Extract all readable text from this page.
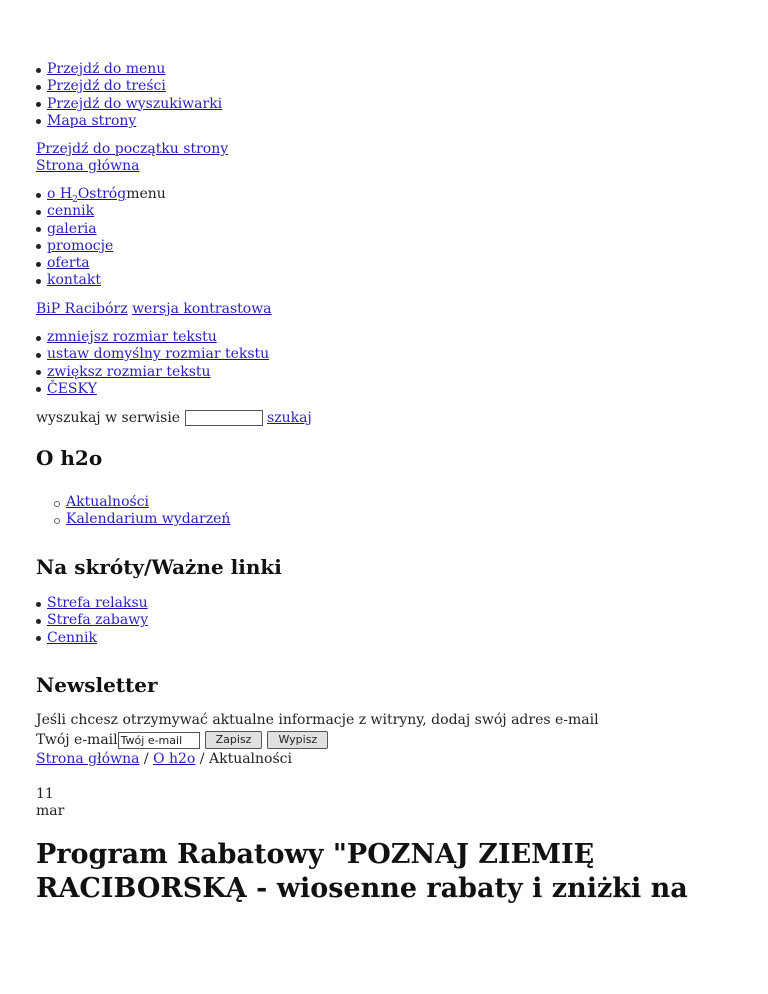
Przejdź do menu
Przejdź do treści
Przejdź do wyszukiwarki
Mapa strony
Przejdź do początku strony
Strona główna
o $H_2Ostrógmenu$
cennik
galeria
promocje
oferta
kontakt
BiP Racibórz wersja kontrastowa
zmniejsz rozmiar tekstu
ustaw domyślny rozmiar tekstu
zwiększ rozmiar tekstu
ČESKY
wyszukaj w serwisie	szukaj
O h2o
Aktualności
Kalendarium wydarzeń
Na skróty/Ważne linki
Strefa relaksu
Strefa zabawy
Cennik
Newsletter
Jeśli chcesz otrzymywać aktualne informacje z witryny, dodaj swój adres e-mail
Twój e-mail Twój e-mail	Zapisz Wypisz
Strona główna / O h2o / Aktualności
11
mar
Program Rabatowy "POZNAJ ZIEMIĘ RACIBORSKĄ - wiosenne rabaty i zniżki na
